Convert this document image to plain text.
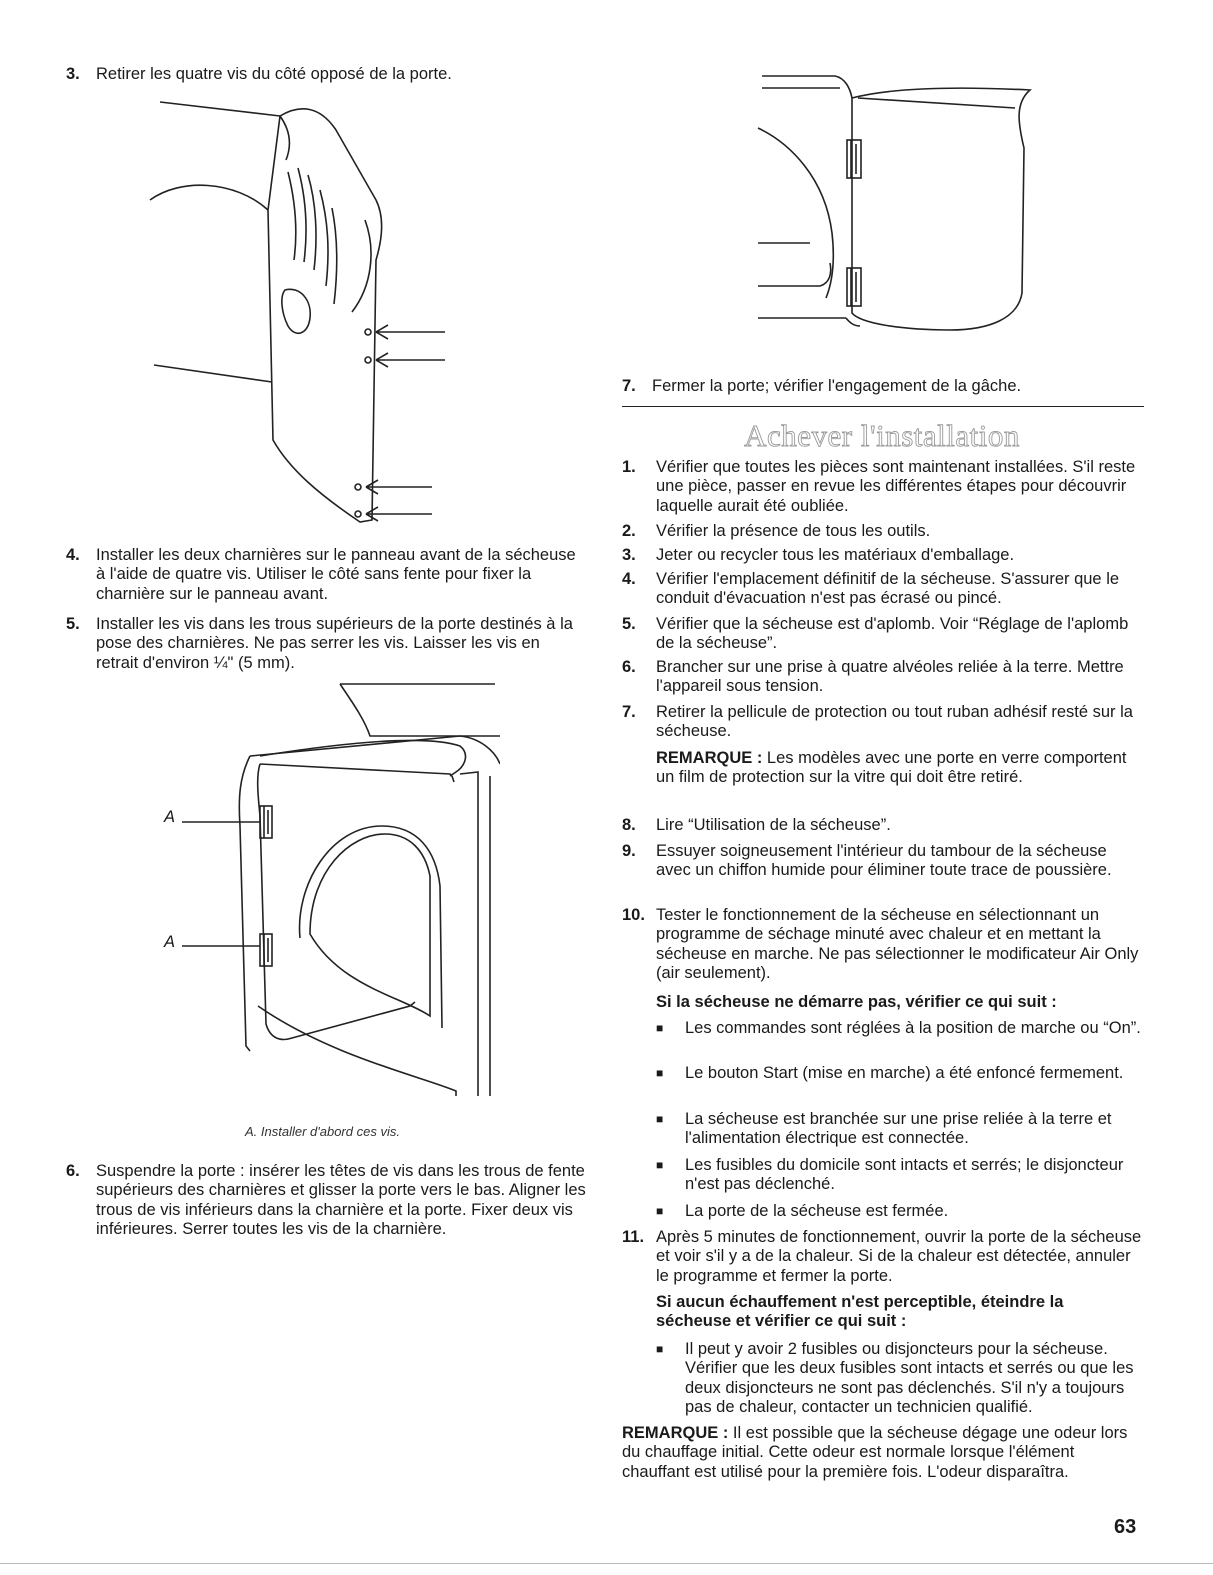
3. Retirer les quatre vis du côté opposé de la porte.
4. Installer les deux charnières sur le panneau avant de la sécheuse à l'aide de quatre vis. Utiliser le côté sans fente pour fixer la charnière sur le panneau avant.
5. Installer les vis dans les trous supérieurs de la porte destinés à la pose des charnières. Ne pas serrer les vis. Laisser les vis en retrait d'environ ¼" (5 mm).
A
A
A. Installer d'abord ces vis.
6. Suspendre la porte : insérer les têtes de vis dans les trous de fente supérieurs des charnières et glisser la porte vers le bas. Aligner les trous de vis inférieurs dans la charnière et la porte. Fixer deux vis inférieures. Serrer toutes les vis de la charnière.
7. Fermer la porte; vérifier l'engagement de la gâche.
Achever l'installation
1.	Vérifier que toutes les pièces sont maintenant installées. S'il reste une pièce, passer en revue les différentes étapes pour découvrir laquelle aurait été oubliée.
2.	Vérifier la présence de tous les outils.
3.	Jeter ou recycler tous les matériaux d'emballage.
4.	Vérifier l'emplacement définitif de la sécheuse. S'assurer que le conduit d'évacuation n'est pas écrasé ou pincé.
5.	Vérifier que la sécheuse est d'aplomb. Voir “Réglage de l'aplomb de la sécheuse”.
6.	Brancher sur une prise à quatre alvéoles reliée à la terre. Mettre l'appareil sous tension.
7.	Retirer la pellicule de protection ou tout ruban adhésif resté sur la sécheuse.
REMARQUE : Les modèles avec une porte en verre comportent un film de protection sur la vitre qui doit être retiré.
8.	Lire “Utilisation de la sécheuse”.
9.	Essuyer soigneusement l'intérieur du tambour de la sécheuse avec un chiffon humide pour éliminer toute trace de poussière.
10. Tester le fonctionnement de la sécheuse en sélectionnant un programme de séchage minuté avec chaleur et en mettant la sécheuse en marche. Ne pas sélectionner le modificateur Air Only (air seulement).
Si la sécheuse ne démarre pas, vérifier ce qui suit :
■	Les commandes sont réglées à la position de marche ou “On”.
■	Le bouton Start (mise en marche) a été enfoncé fermement.
■	La sécheuse est branchée sur une prise reliée à la terre et l'alimentation électrique est connectée.
■	Les fusibles du domicile sont intacts et serrés; le disjoncteur n'est pas déclenché.
■	La porte de la sécheuse est fermée.
11. Après 5 minutes de fonctionnement, ouvrir la porte de la sécheuse et voir s'il y a de la chaleur. Si de la chaleur est détectée, annuler le programme et fermer la porte.
Si aucun échauffement n'est perceptible, éteindre la sécheuse et vérifier ce qui suit :
■	Il peut y avoir 2 fusibles ou disjoncteurs pour la sécheuse. Vérifier que les deux fusibles sont intacts et serrés ou que les deux disjoncteurs ne sont pas déclenchés. S'il n'y a toujours pas de chaleur, contacter un technicien qualifié.
REMARQUE : Il est possible que la sécheuse dégage une odeur lors du chauffage initial. Cette odeur est normale lorsque l'élément chauffant est utilisé pour la première fois. L'odeur disparaîtra.
63
